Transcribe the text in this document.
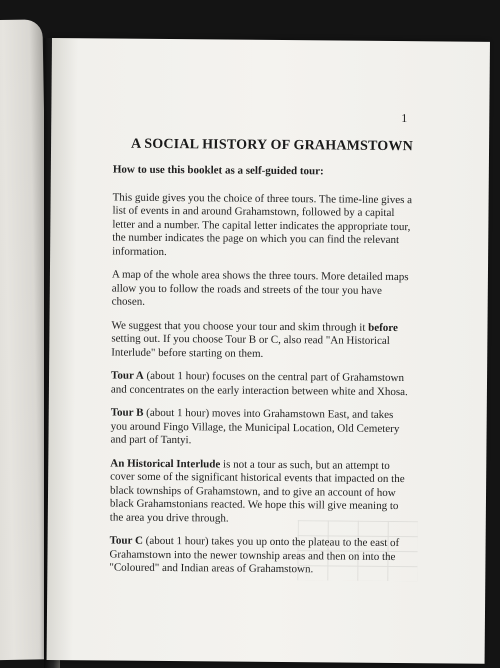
1
A SOCIAL HISTORY OF GRAHAMSTOWN

How to use this booklet as a self-guided tour:

This guide gives you the choice of three tours. The time-line gives a list of events in and around Grahamstown, followed by a capital letter and a number. The capital letter indicates the appropriate tour, the number indicates the page on which you can find the relevant information.

A map of the whole area shows the three tours. More detailed maps allow you to follow the roads and streets of the tour you have chosen.

We suggest that you choose your tour and skim through it before setting out. If you choose Tour B or C, also read "An Historical Interlude" before starting on them.

Tour A (about 1 hour) focuses on the central part of Grahamstown and concentrates on the early interaction between white and Xhosa.

Tour B (about 1 hour) moves into Grahamstown East, and takes you around Fingo Village, the Municipal Location, Old Cemetery and part of Tantyi.

An Historical Interlude is not a tour as such, but an attempt to cover some of the significant historical events that impacted on the black townships of Grahamstown, and to give an account of how black Grahamstonians reacted. We hope this will give meaning to the area you drive through.

Tour C (about 1 hour) takes you up onto the plateau to the east of Grahamstown into the newer township areas and then on into the "Coloured" and Indian areas of Grahamstown.
